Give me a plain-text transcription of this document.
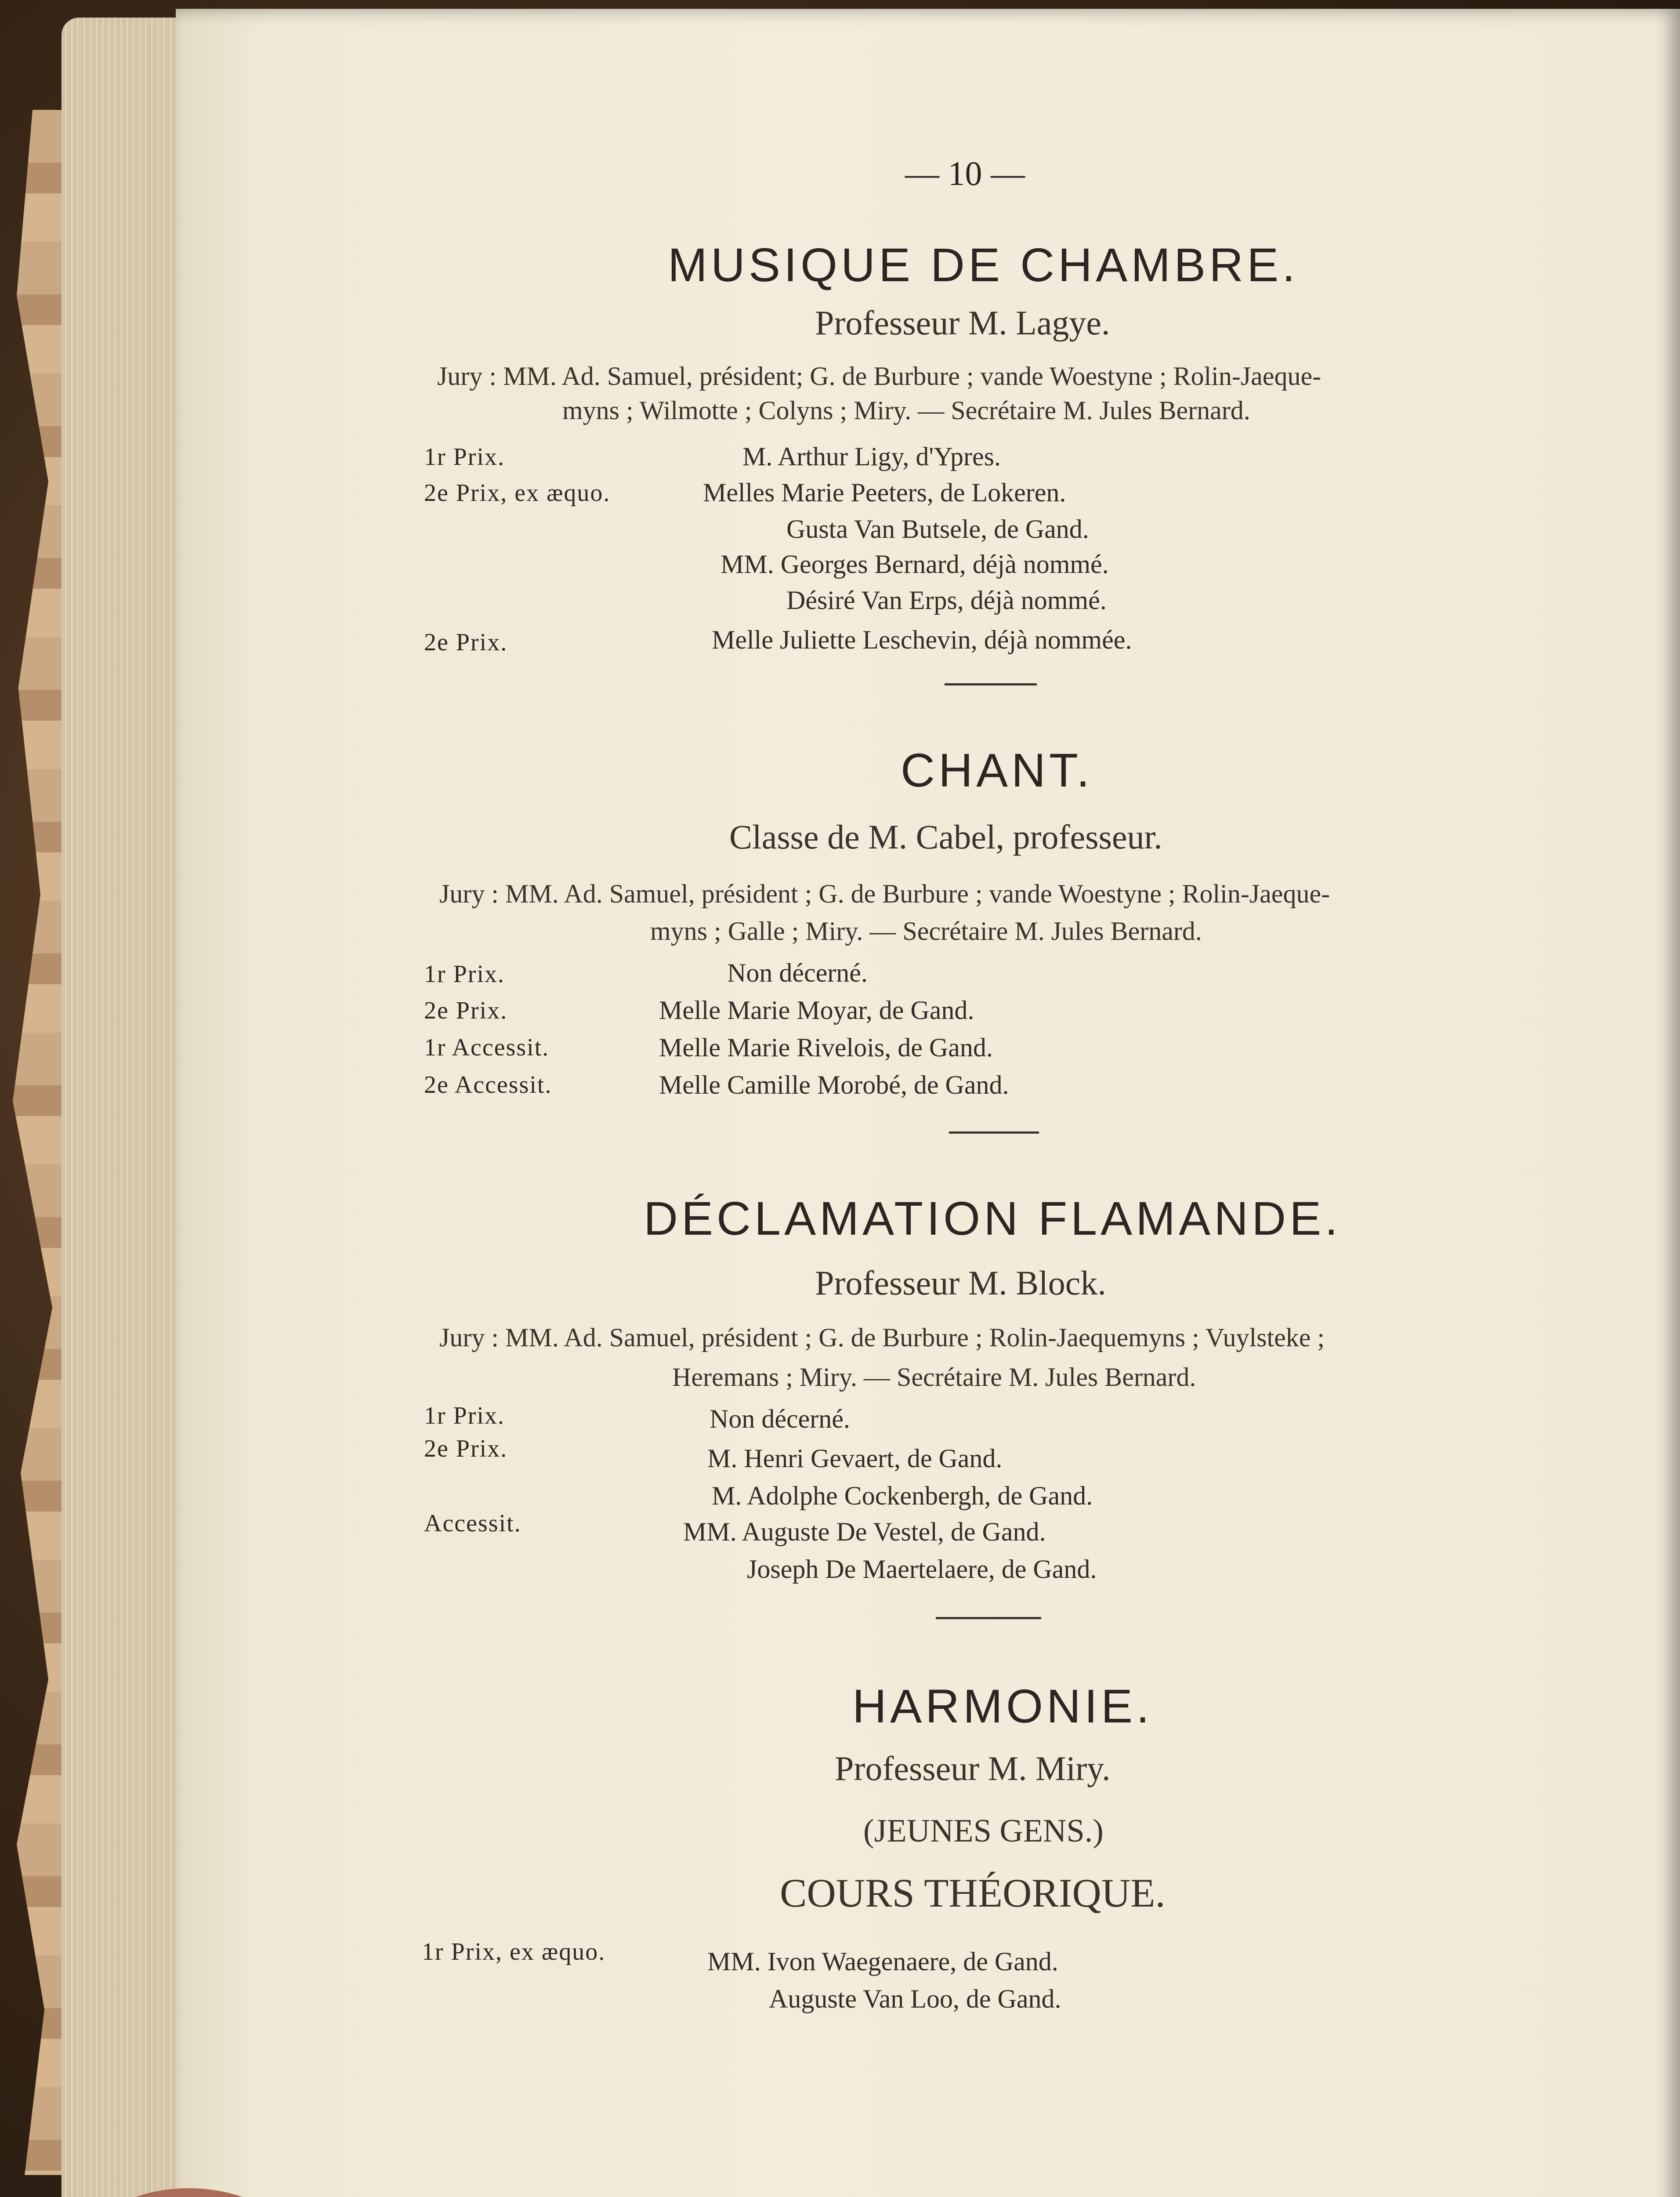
— 10 —
MUSIQUE DE CHAMBRE.
Professeur M. Lagye.
Jury : MM. Ad. Samuel, président; G. de Burbure ; vande Woestyne ; Rolin-Jaeque-
myns ; Wilmotte ; Colyns ; Miry. — Secrétaire M. Jules Bernard.
1r Prix.	M. Arthur Ligy, d'Ypres.
2e Prix, ex æquo.	Melles Marie Peeters, de Lokeren.
Gusta Van Butsele, de Gand.
MM. Georges Bernard, déjà nommé.
Désiré Van Erps, déjà nommé.
2e Prix.	Melle Juliette Leschevin, déjà nommée.
CHANT.
Classe de M. Cabel, professeur.
Jury : MM. Ad. Samuel, président ; G. de Burbure ; vande Woestyne ; Rolin-Jaeque-
myns ; Galle ; Miry. — Secrétaire M. Jules Bernard.
1r Prix.	Non décerné.
2e Prix.	Melle Marie Moyar, de Gand.
1r Accessit.	Melle Marie Rivelois, de Gand.
2e Accessit.	Melle Camille Morobé, de Gand.
DÉCLAMATION FLAMANDE.
Professeur M. Block.
Jury : MM. Ad. Samuel, président ; G. de Burbure ; Rolin-Jaequemyns ; Vuylsteke ;
Heremans ; Miry. — Secrétaire M. Jules Bernard.
1r Prix.	Non décerné.
2e Prix.	M. Henri Gevaert, de Gand.
M. Adolphe Cockenbergh, de Gand.
Accessit.	MM. Auguste De Vestel, de Gand.
Joseph De Maertelaere, de Gand.
HARMONIE.
Professeur M. Miry.
(JEUNES GENS.)
COURS THÉORIQUE.
1r Prix, ex æquo.	MM. Ivon Waegenaere, de Gand.
Auguste Van Loo, de Gand.
